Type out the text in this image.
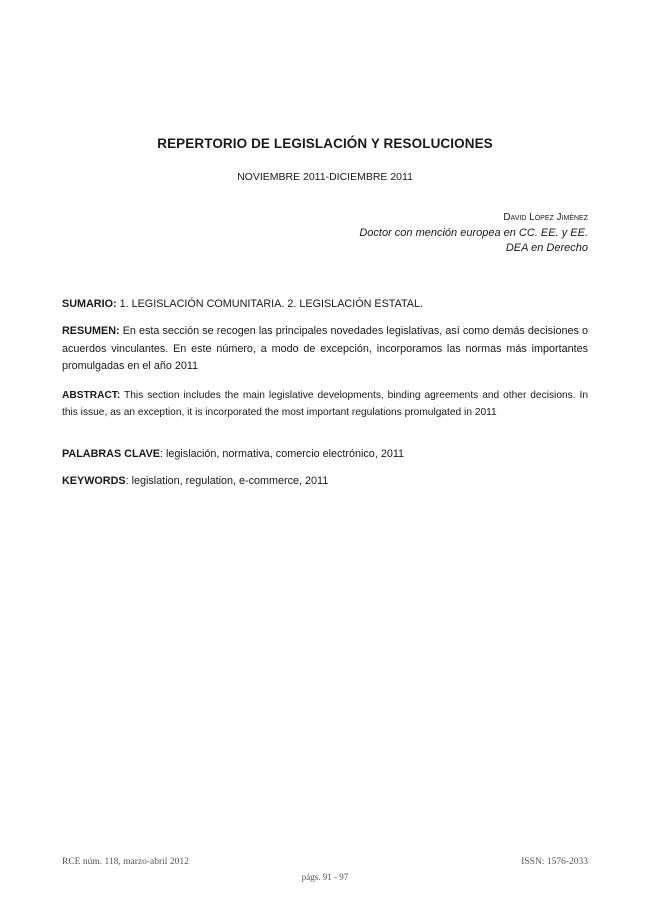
REPERTORIO DE LEGISLACIÓN Y RESOLUCIONES
NOVIEMBRE 2011-DICIEMBRE 2011
David López Jiménez
Doctor con mención europea en CC. EE. y EE.
DEA en Derecho
SUMARIO: 1. LEGISLACIÓN COMUNITARIA. 2. LEGISLACIÓN ESTATAL.
RESUMEN: En esta sección se recogen las principales novedades legislativas, así como demás decisiones o acuerdos vinculantes. En este número, a modo de excepción, incorporamos las normas más importantes promulgadas en el año 2011
ABSTRACT: This section includes the main legislative developments, binding agreements and other decisions. In this issue, as an exception, it is incorporated the most important regulations promulgated in 2011
PALABRAS CLAVE: legislación, normativa, comercio electrónico, 2011
KEYWORDS: legislation, regulation, e-commerce, 2011
RCE núm. 118, marzo-abril 2012	ISSN: 1576-2033
págs. 91 - 97
